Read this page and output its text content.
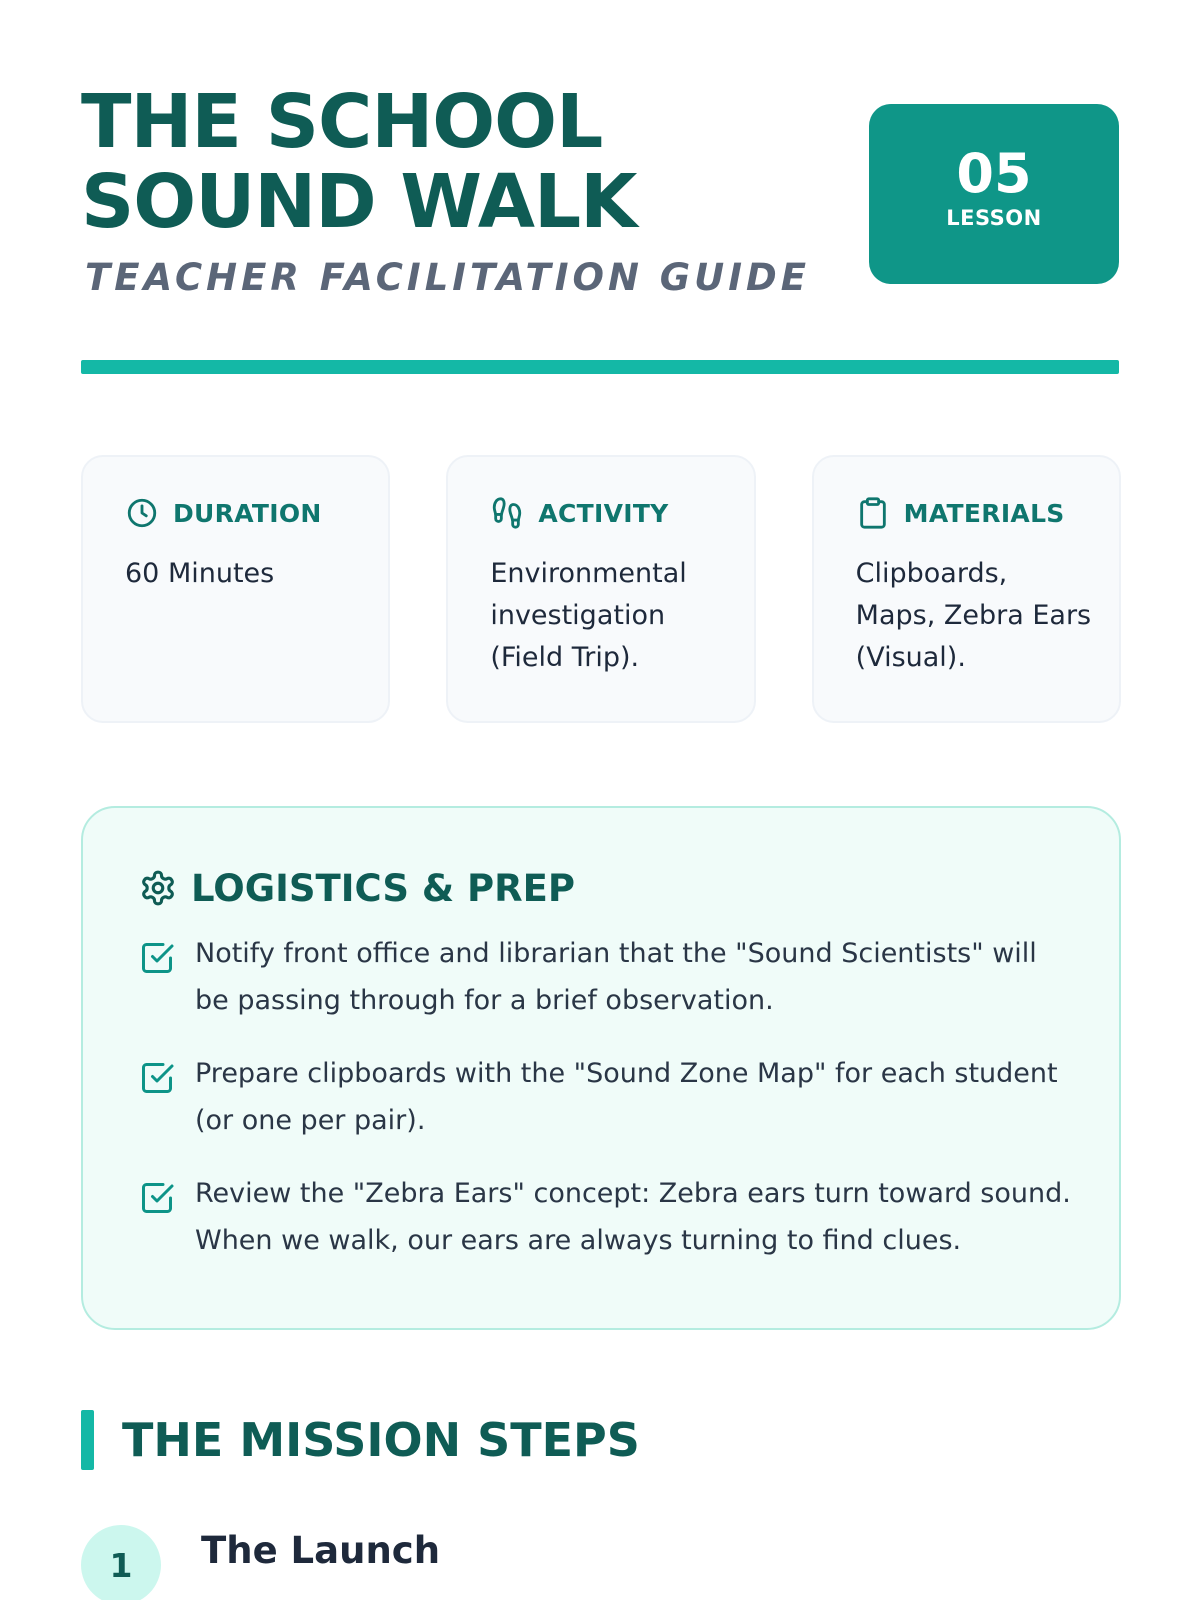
THE SCHOOL
SOUND WALK
TEACHER FACILITATION GUIDE
05
LESSON
DURATION
60 Minutes
ACTIVITY
Environmental investigation (Field Trip).
MATERIALS
Clipboards, Maps, Zebra Ears (Visual).
LOGISTICS & PREP
Notify front office and librarian that the "Sound Scientists" will be passing through for a brief observation.
Prepare clipboards with the "Sound Zone Map" for each student (or one per pair).
Review the "Zebra Ears" concept: Zebra ears turn toward sound. When we walk, our ears are always turning to find clues.
THE MISSION STEPS
1	The Launch
